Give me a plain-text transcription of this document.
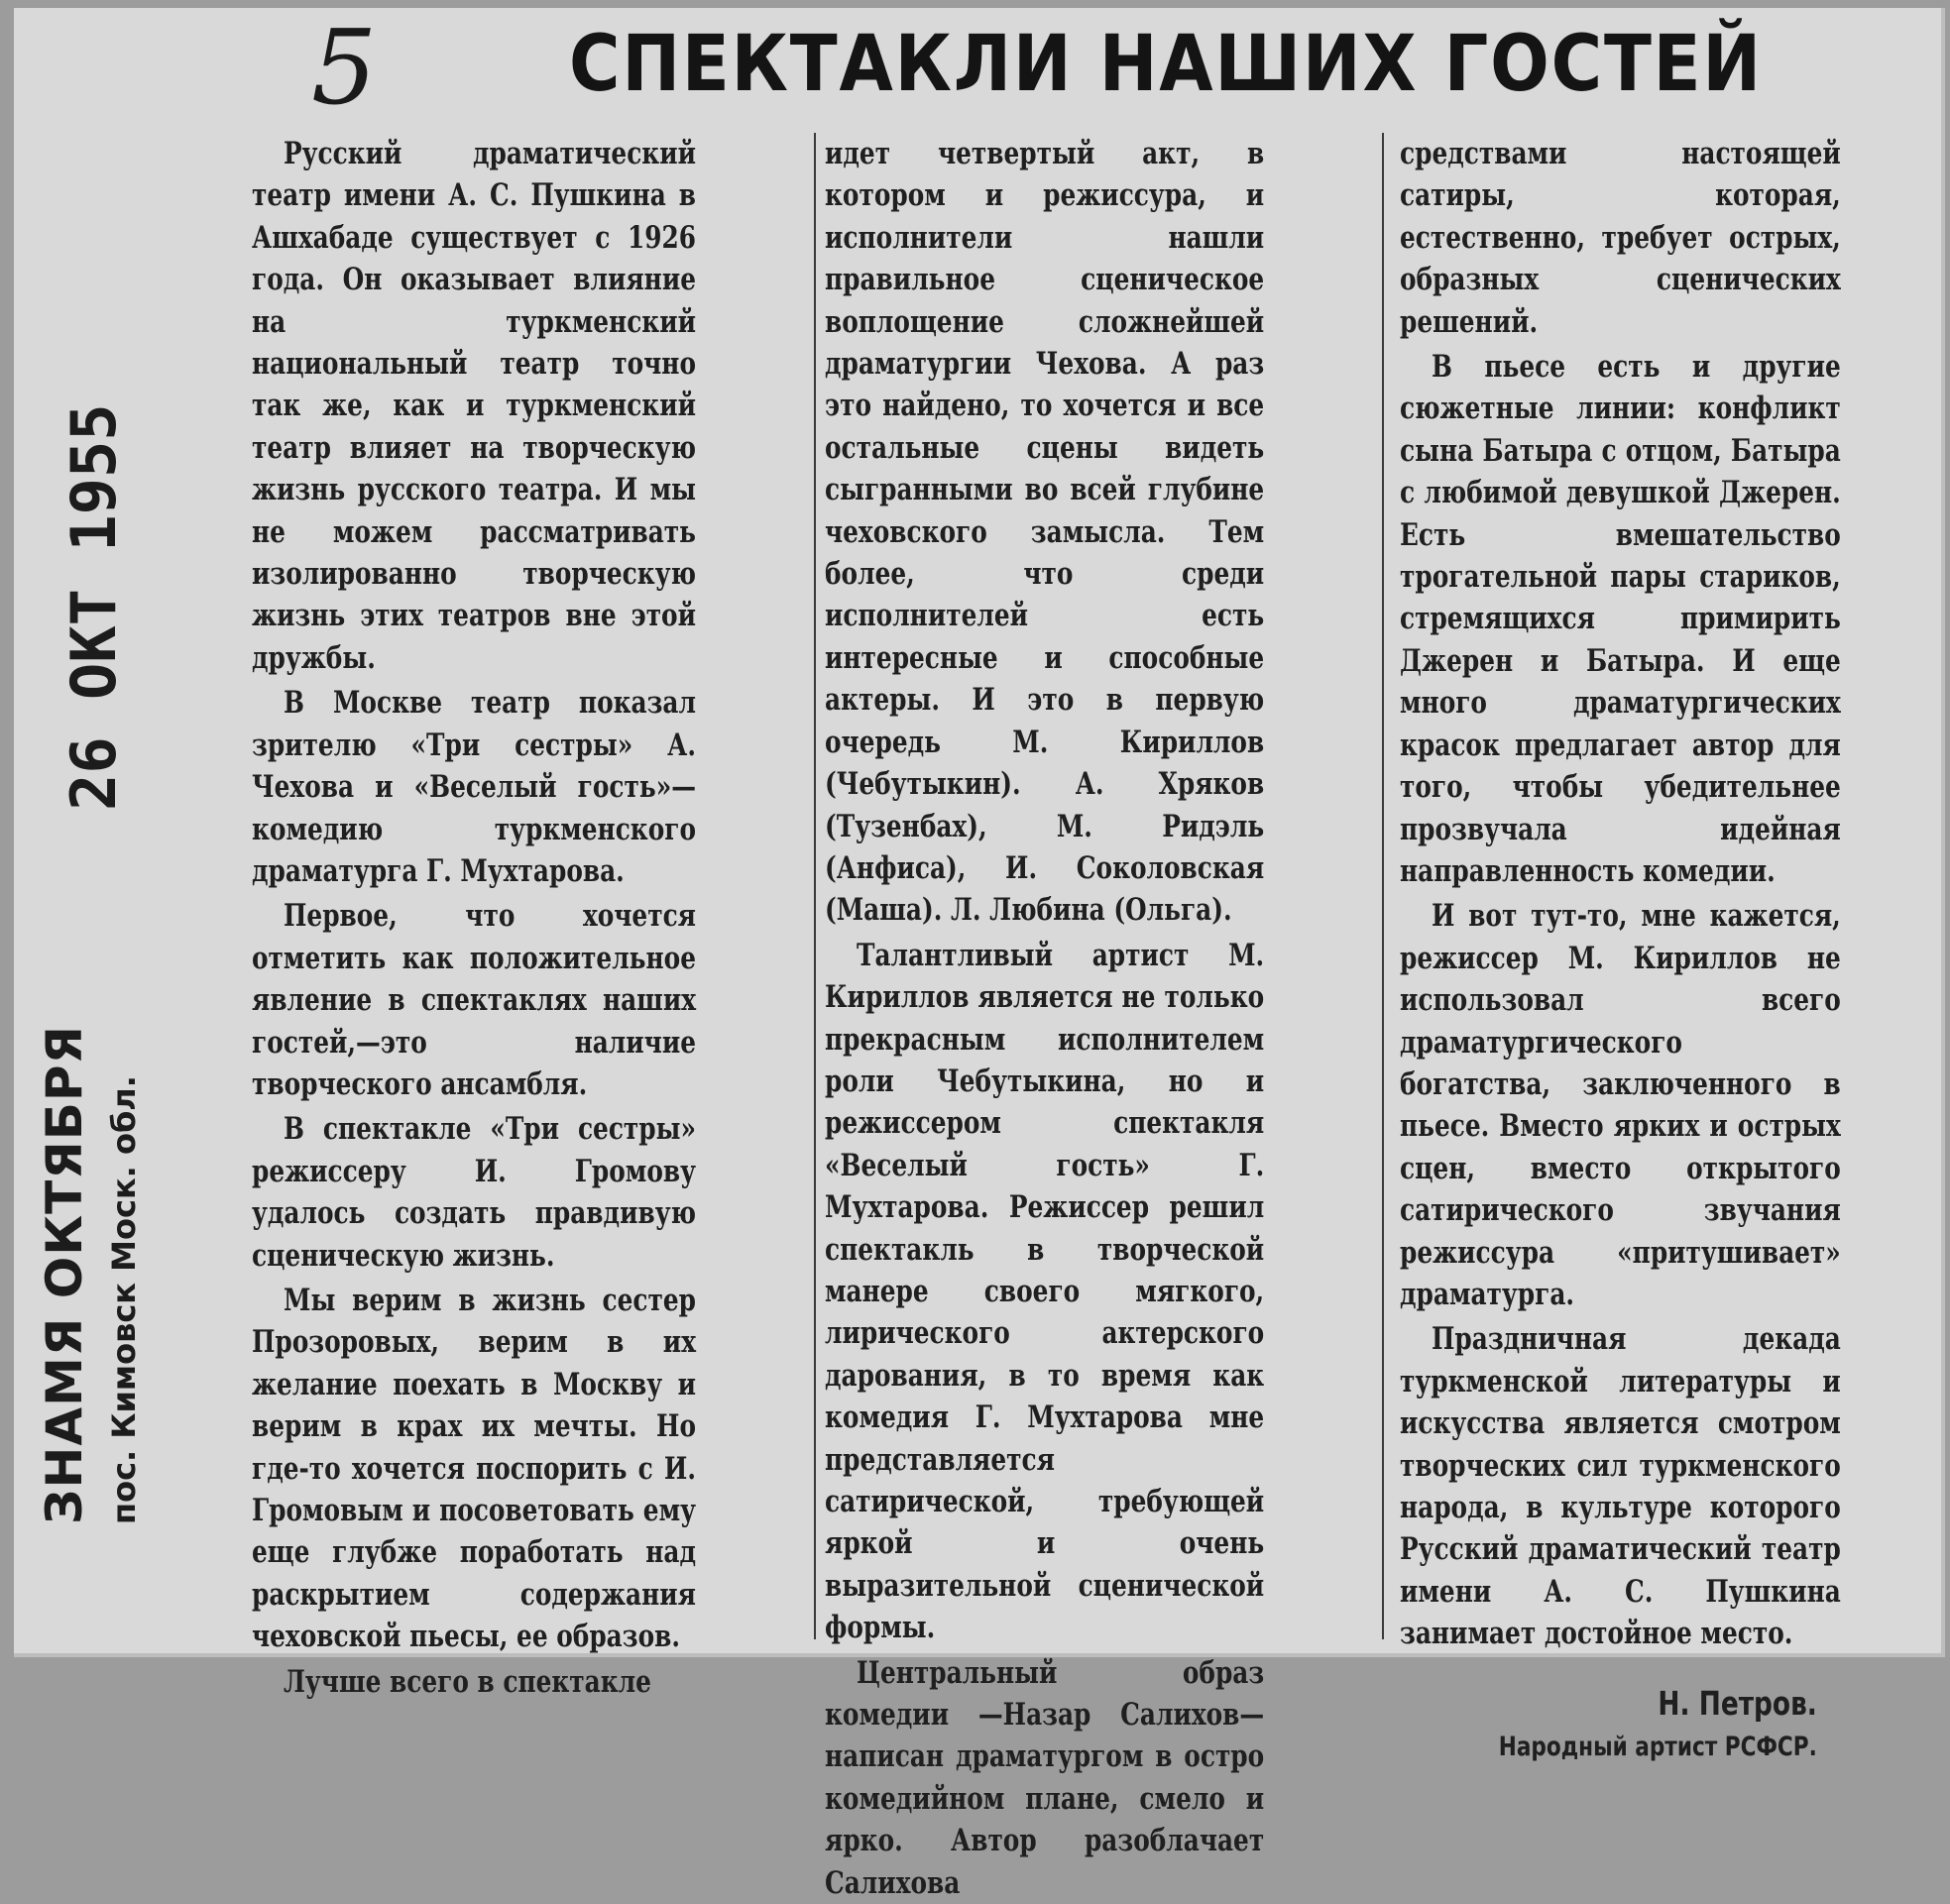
5 СПЕКТАКЛИ НАШИХ ГОСТЕЙ
ЗНАМЯ ОКТЯБРЯ пос. Кимовск Моск. обл.
26 ОКТ 1955

Русский драматический театр имени А. С. Пушкина в Ашхабаде существует с 1926 года. Он оказывает влияние на туркменский национальный театр точно так же, как и туркменский театр влияет на творческую жизнь русского театра. И мы не можем рассматривать изолированно творческую жизнь этих театров вне этой дружбы.

В Москве театр показал зрителю «Три сестры» А. Чехова и «Веселый гость»—комедию туркменского драматурга Г. Мухтарова.

Первое, что хочется отметить как положительное явление в спектаклях наших гостей,—это наличие творческого ансамбля.

В спектакле «Три сестры» режиссеру И. Громову удалось создать правдивую сценическую жизнь.

Мы верим в жизнь сестер Прозоровых, верим в их желание поехать в Москву и верим в крах их мечты. Но где-то хочется поспорить с И. Громовым и посоветовать ему еще глубже поработать над раскрытием содержания чеховской пьесы, ее образов.

Лучше всего в спектакле

идет четвертый акт, в котором и режиссура, и исполнители нашли правильное сценическое воплощение сложнейшей драматургии Чехова. А раз это найдено, то хочется и все остальные сцены видеть сыгранными во всей глубине чеховского замысла. Тем более, что среди исполнителей есть интересные и способные актеры. И это в первую очередь М. Кириллов (Чебутыкин). А. Хряков (Тузенбах), М. Ридэль (Анфиса), И. Соколовская (Маша). Л. Любина (Ольга).

Талантливый артист М. Кириллов является не только прекрасным исполнителем роли Чебутыкина, но и режиссером спектакля «Веселый гость» Г. Мухтарова. Режиссер решил спектакль в творческой манере своего мягкого, лирического актерского дарования, в то время как комедия Г. Мухтарова мне представляется сатирической, требующей яркой и очень выразительной сценической формы.

Центральный образ комедии —Назар Салихов—написан драматургом в остро комедийном плане, смело и ярко. Автор разоблачает Салихова

средствами настоящей сатиры, которая, естественно, требует острых, образных сценических решений.

В пьесе есть и другие сюжетные линии: конфликт сына Батыра с отцом, Батыра с любимой девушкой Джерен. Есть вмешательство трогательной пары стариков, стремящихся примирить Джерен и Батыра. И еще много драматургических красок предлагает автор для того, чтобы убедительнее прозвучала идейная направленность комедии.

И вот тут-то, мне кажется, режиссер М. Кириллов не использовал всего драматургического богатства, заключенного в пьесе. Вместо ярких и острых сцен, вместо открытого сатирического звучания режиссура «притушивает» драматурга.

Праздничная декада туркменской литературы и искусства является смотром творческих сил туркменского народа, в культуре которого Русский драматический театр имени А. С. Пушкина занимает достойное место.

Н. Петров.
Народный артист РСФСР.
